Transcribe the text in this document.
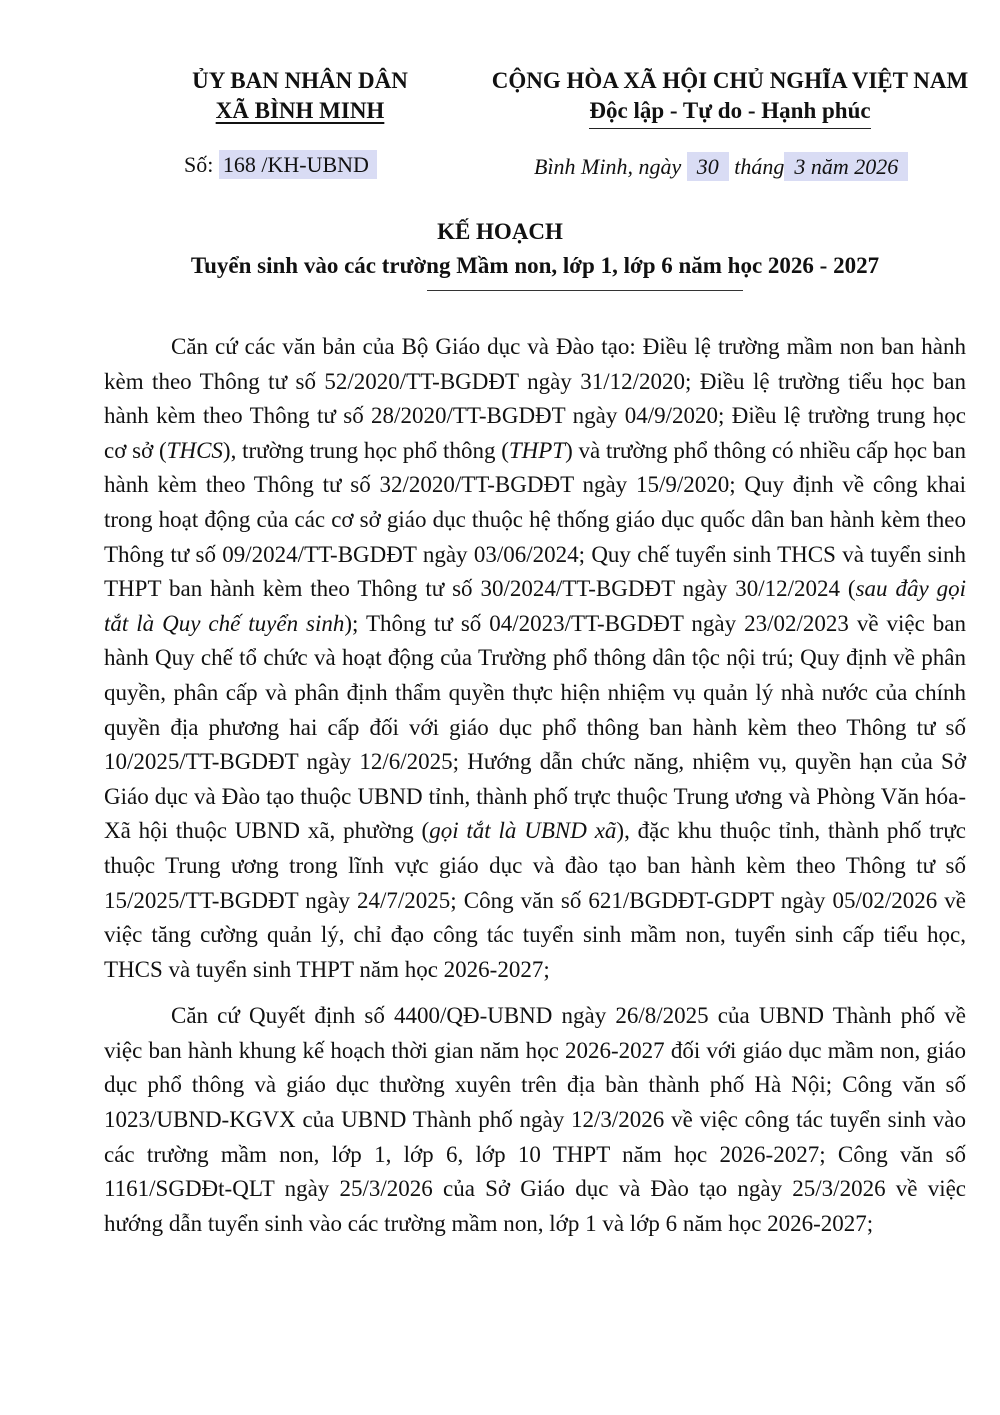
ỦY BAN NHÂN DÂN
XÃ BÌNH MINH
CỘNG HÒA XÃ HỘI CHỦ NGHĨA VIỆT NAM
Độc lập - Tự do - Hạnh phúc
Số: 168 /KH-UBND	Bình Minh, ngày 30 tháng 3 năm 2026
KẾ HOẠCH
Tuyển sinh vào các trường Mầm non, lớp 1, lớp 6 năm học 2026 - 2027

Căn cứ các văn bản của Bộ Giáo dục và Đào tạo: Điều lệ trường mầm non ban hành kèm theo Thông tư số 52/2020/TT-BGDĐT ngày 31/12/2020; Điều lệ trường tiểu học ban hành kèm theo Thông tư số 28/2020/TT-BGDĐT ngày 04/9/2020; Điều lệ trường trung học cơ sở (THCS), trường trung học phổ thông (THPT) và trường phổ thông có nhiều cấp học ban hành kèm theo Thông tư số 32/2020/TT-BGDĐT ngày 15/9/2020; Quy định về công khai trong hoạt động của các cơ sở giáo dục thuộc hệ thống giáo dục quốc dân ban hành kèm theo Thông tư số 09/2024/TT-BGDĐT ngày 03/06/2024; Quy chế tuyển sinh THCS và tuyển sinh THPT ban hành kèm theo Thông tư số 30/2024/TT-BGDĐT ngày 30/12/2024 (sau đây gọi tắt là Quy chế tuyển sinh); Thông tư số 04/2023/TT-BGDĐT ngày 23/02/2023 về việc ban hành Quy chế tổ chức và hoạt động của Trường phổ thông dân tộc nội trú; Quy định về phân quyền, phân cấp và phân định thẩm quyền thực hiện nhiệm vụ quản lý nhà nước của chính quyền địa phương hai cấp đối với giáo dục phổ thông ban hành kèm theo Thông tư số 10/2025/TT-BGDĐT ngày 12/6/2025; Hướng dẫn chức năng, nhiệm vụ, quyền hạn của Sở Giáo dục và Đào tạo thuộc UBND tỉnh, thành phố trực thuộc Trung ương và Phòng Văn hóa-Xã hội thuộc UBND xã, phường (gọi tắt là UBND xã), đặc khu thuộc tỉnh, thành phố trực thuộc Trung ương trong lĩnh vực giáo dục và đào tạo ban hành kèm theo Thông tư số 15/2025/TT-BGDĐT ngày 24/7/2025; Công văn số 621/BGDĐT-GDPT ngày 05/02/2026 về việc tăng cường quản lý, chỉ đạo công tác tuyển sinh mầm non, tuyển sinh cấp tiểu học, THCS và tuyển sinh THPT năm học 2026-2027;

Căn cứ Quyết định số 4400/QĐ-UBND ngày 26/8/2025 của UBND Thành phố về việc ban hành khung kế hoạch thời gian năm học 2026-2027 đối với giáo dục mầm non, giáo dục phổ thông và giáo dục thường xuyên trên địa bàn thành phố Hà Nội; Công văn số 1023/UBND-KGVX của UBND Thành phố ngày 12/3/2026 về việc công tác tuyển sinh vào các trường mầm non, lớp 1, lớp 6, lớp 10 THPT năm học 2026-2027; Công văn số 1161/SGDĐt-QLT ngày 25/3/2026 của Sở Giáo dục và Đào tạo ngày 25/3/2026 về việc hướng dẫn tuyển sinh vào các trường mầm non, lớp 1 và lớp 6 năm học 2026-2027;
